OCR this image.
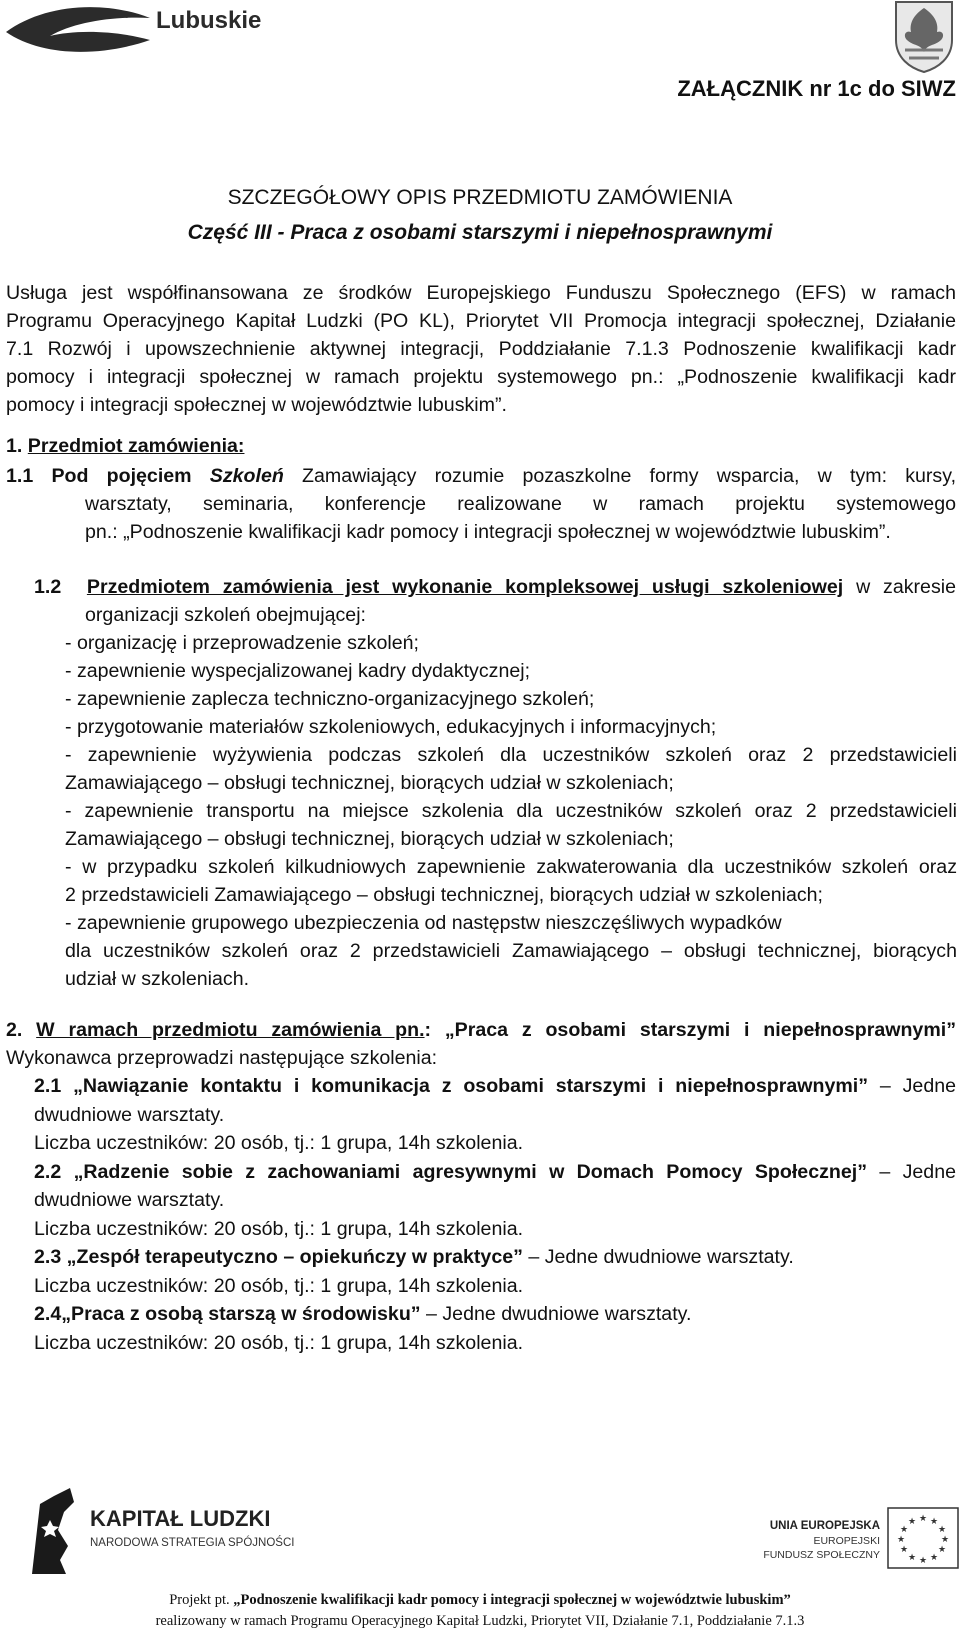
Lubuskie
ZAŁĄCZNIK nr 1c do SIWZ
SZCZEGÓŁOWY OPIS PRZEDMIOTU ZAMÓWIENIA
Część III - Praca z osobami starszymi i niepełnosprawnymi
Usługa jest współfinansowana ze środków Europejskiego Funduszu Społecznego (EFS) w ramach
Programu Operacyjnego Kapitał Ludzki (PO KL), Priorytet VII Promocja integracji społecznej, Działanie
7.1 Rozwój i upowszechnienie aktywnej integracji, Poddziałanie 7.1.3 Podnoszenie kwalifikacji kadr
pomocy i integracji społecznej w ramach projektu systemowego pn.: „Podnoszenie kwalifikacji kadr
pomocy i integracji społecznej w województwie lubuskim”.
1. Przedmiot zamówienia:
1.1 Pod pojęciem Szkoleń Zamawiający rozumie pozaszkolne formy wsparcia, w tym: kursy,
warsztaty, seminaria, konferencje realizowane w ramach projektu systemowego
pn.: „Podnoszenie kwalifikacji kadr pomocy i integracji społecznej w województwie lubuskim”.
1.2 Przedmiotem zamówienia jest wykonanie kompleksowej usługi szkoleniowej w zakresie
organizacji szkoleń obejmującej:
- organizację i przeprowadzenie szkoleń;
- zapewnienie wyspecjalizowanej kadry dydaktycznej;
- zapewnienie zaplecza techniczno-organizacyjnego szkoleń;
- przygotowanie materiałów szkoleniowych, edukacyjnych i informacyjnych;
- zapewnienie wyżywienia podczas szkoleń dla uczestników szkoleń oraz 2 przedstawicieli
Zamawiającego – obsługi technicznej, biorących udział w szkoleniach;
- zapewnienie transportu na miejsce szkolenia dla uczestników szkoleń oraz 2 przedstawicieli
Zamawiającego – obsługi technicznej, biorących udział w szkoleniach;
- w przypadku szkoleń kilkudniowych zapewnienie zakwaterowania dla uczestników szkoleń oraz
2 przedstawicieli Zamawiającego – obsługi technicznej, biorących udział w szkoleniach;
- zapewnienie grupowego ubezpieczenia od następstw nieszczęśliwych wypadków
dla uczestników szkoleń oraz 2 przedstawicieli Zamawiającego – obsługi technicznej, biorących
udział w szkoleniach.
2. W ramach przedmiotu zamówienia pn.: „Praca z osobami starszymi i niepełnosprawnymi”
Wykonawca przeprowadzi następujące szkolenia:
2.1 „Nawiązanie kontaktu i komunikacja z osobami starszymi i niepełnosprawnymi” – Jedne
dwudniowe warsztaty.
Liczba uczestników: 20 osób, tj.: 1 grupa, 14h szkolenia.
2.2 „Radzenie sobie z zachowaniami agresywnymi w Domach Pomocy Społecznej” – Jedne
dwudniowe warsztaty.
Liczba uczestników: 20 osób, tj.: 1 grupa, 14h szkolenia.
2.3 „Zespół terapeutyczno – opiekuńczy w praktyce” – Jedne dwudniowe warsztaty.
Liczba uczestników: 20 osób, tj.: 1 grupa, 14h szkolenia.
2.4„Praca z osobą starszą w środowisku” – Jedne dwudniowe warsztaty.
Liczba uczestników: 20 osób, tj.: 1 grupa, 14h szkolenia.
KAPITAŁ LUDZKI
NARODOWA STRATEGIA SPÓJNOŚCI
UNIA EUROPEJSKA
EUROPEJSKI
FUNDUSZ SPOŁECZNY
★ ★
★
★
★
★
★
★
★
★
★
★
Projekt pt. „Podnoszenie kwalifikacji kadr pomocy i integracji społecznej w województwie lubuskim”
realizowany w ramach Programu Operacyjnego Kapitał Ludzki, Priorytet VII, Działanie 7.1, Poddziałanie 7.1.3
